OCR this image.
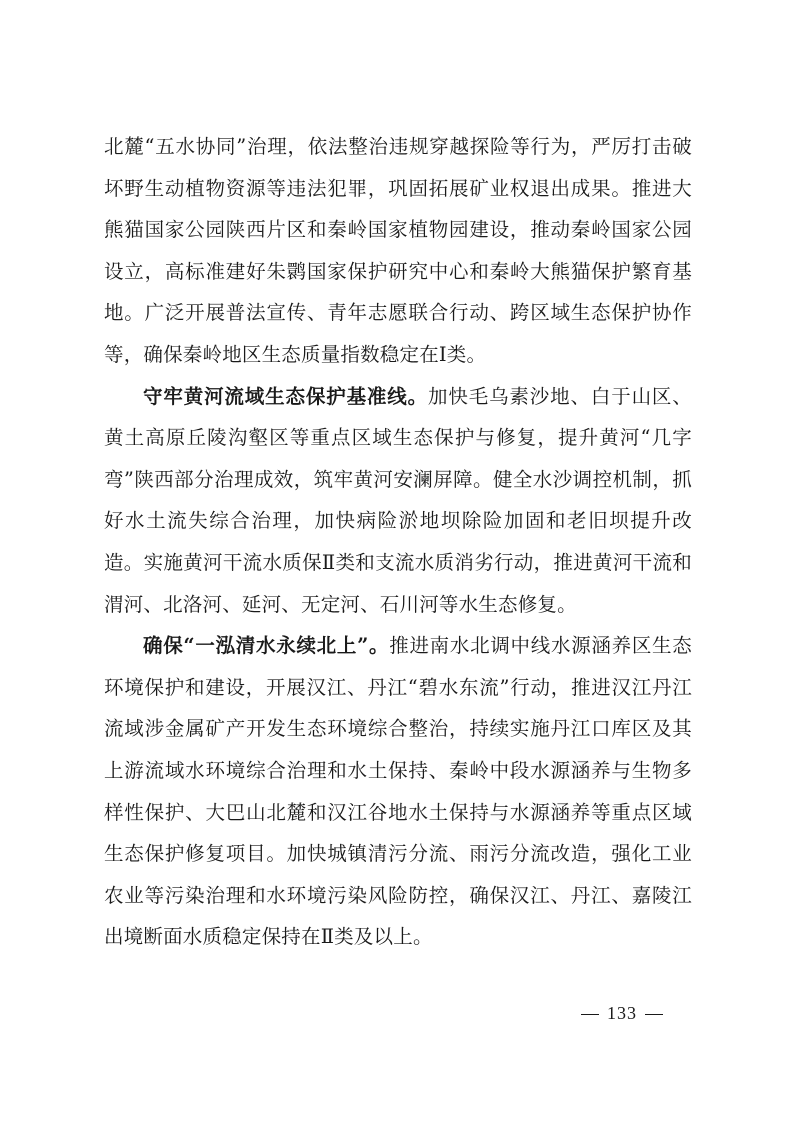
北麓“五水协同”治理，依法整治违规穿越探险等行为，严厉打击破坏野生动植物资源等违法犯罪，巩固拓展矿业权退出成果。推进大熊猫国家公园陕西片区和秦岭国家植物园建设，推动秦岭国家公园设立，高标准建好朱鹮国家保护研究中心和秦岭大熊猫保护繁育基地。广泛开展普法宣传、青年志愿联合行动、跨区域生态保护协作等，确保秦岭地区生态质量指数稳定在Ⅰ类。

守牢黄河流域生态保护基准线。加快毛乌素沙地、白于山区、黄土高原丘陵沟壑区等重点区域生态保护与修复，提升黄河“几字弯”陕西部分治理成效，筑牢黄河安澜屏障。健全水沙调控机制，抓好水土流失综合治理，加快病险淤地坝除险加固和老旧坝提升改造。实施黄河干流水质保Ⅱ类和支流水质消劣行动，推进黄河干流和渭河、北洛河、延河、无定河、石川河等水生态修复。

确保“一泓清水永续北上”。推进南水北调中线水源涵养区生态环境保护和建设，开展汉江、丹江“碧水东流”行动，推进汉江丹江流域涉金属矿产开发生态环境综合整治，持续实施丹江口库区及其上游流域水环境综合治理和水土保持、秦岭中段水源涵养与生物多样性保护、大巴山北麓和汉江谷地水土保持与水源涵养等重点区域生态保护修复项目。加快城镇清污分流、雨污分流改造，强化工业农业等污染治理和水环境污染风险防控，确保汉江、丹江、嘉陵江出境断面水质稳定保持在Ⅱ类及以上。

133
